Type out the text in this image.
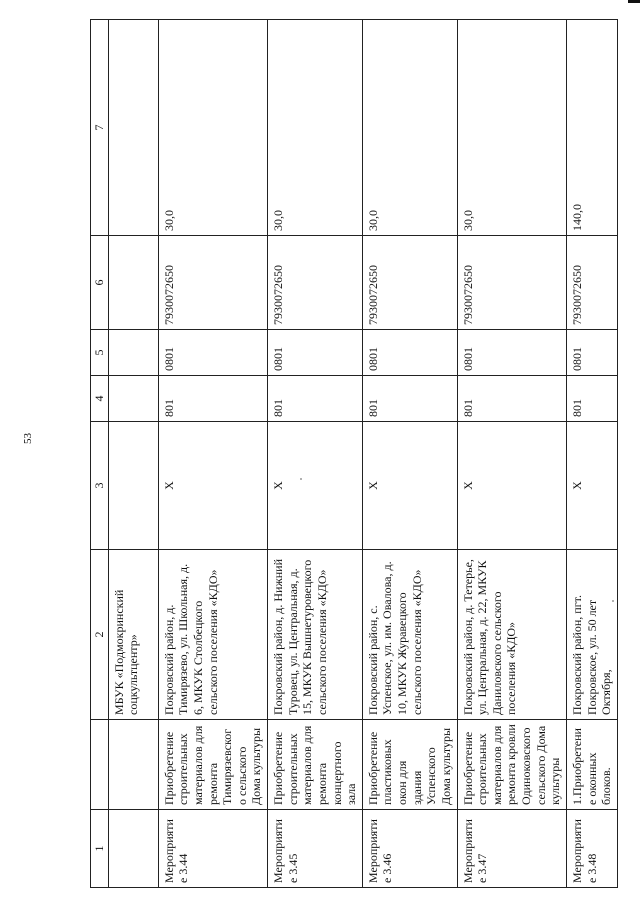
53
1		2	3	4	5	6	7
		МБУК «Подмокринский соцкультцентр»					
Мероприятие 3.44	Приобретение строительных материалов для ремонта Тимирязевского сельского Дома культуры	Покровский район, д. Тимирязево, ул. Школьная, д. 6, МКУК Столбецкого сельского поселения «КДО»	X	801	0801	7930072650	30,0
Мероприятие 3.45	Приобретение строительных материалов для ремонта концертного зала	Покровский район, д. Нижний Туровец, ул. Центральная, д. 15, МКУК Вышнетуровецкого сельского поселения «КДО»	X	801	0801	7930072650	30,0
Мероприятие 3.46	Приобретение пластиковых окон для здания Успенского Дома культуры	Покровский район, с. Успенское, ул. им. Овалова, д. 10, МКУК Журавецкого сельского поселения «КДО»	X	801	0801	7930072650	30,0
Мероприятие 3.47	Приобретение строительных материалов для ремонта кровли Одиноковского сельского Дома культуры	Покровский район, д. Тетерье, ул. Центральная, д. 22, МКУК Даниловского сельского поселения «КДО»	X	801	0801	7930072650	30,0
Мероприятие 3.48	1.Приобретение оконных блоков.	Покровский район, пгт. Покровское, ул. 50 лет Октября,	X	801	0801	7930072650	140,0
